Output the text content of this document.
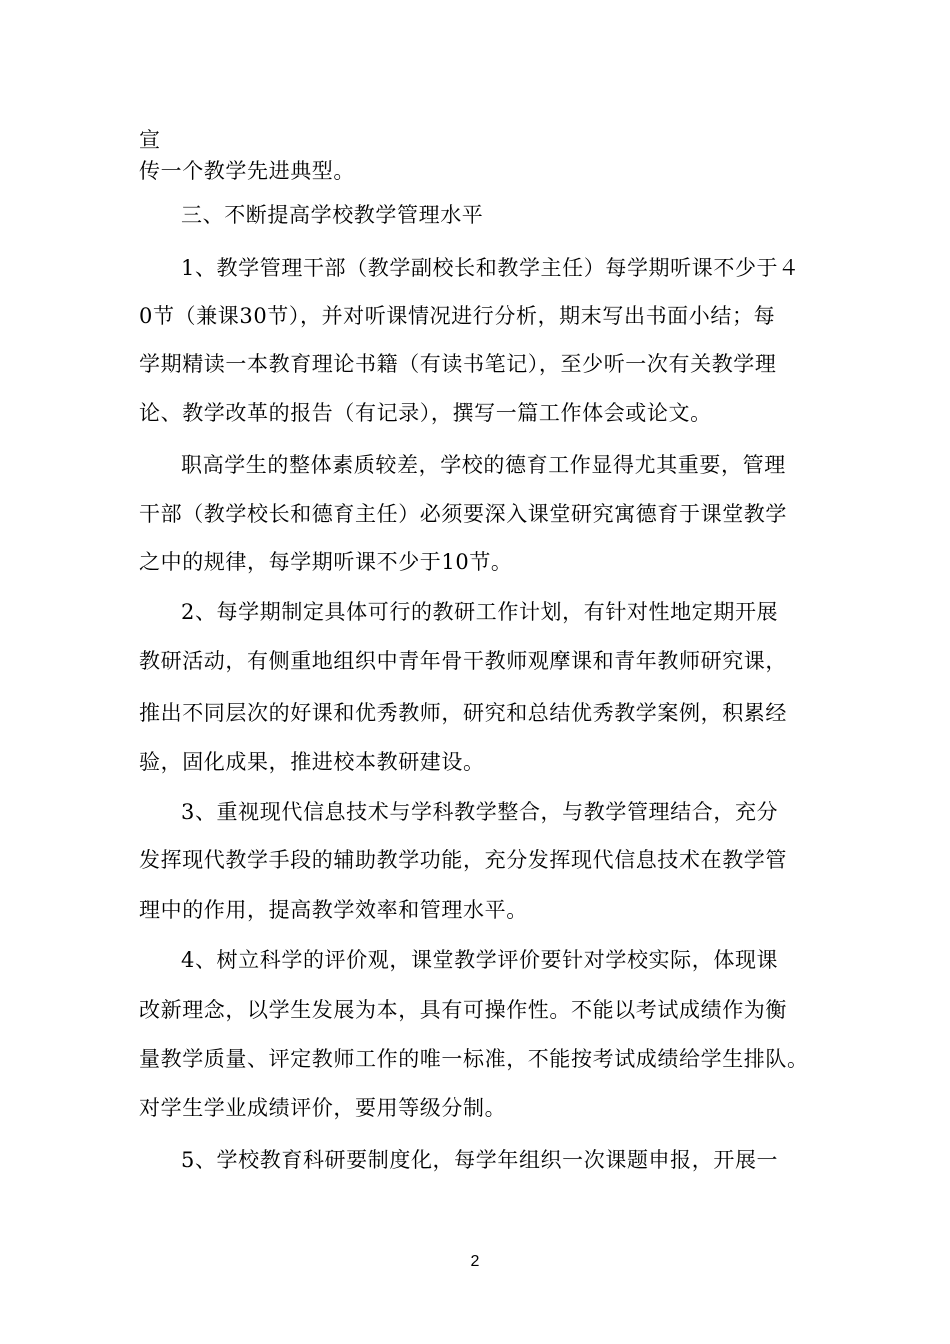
宣
传一个教学先进典型。
三、不断提高学校教学管理水平
1、教学管理干部（教学副校长和教学主任）每学期听课不少于４
0节（兼课30节），并对听课情况进行分析，期末写出书面小结；每
学期精读一本教育理论书籍（有读书笔记），至少听一次有关教学理
论、教学改革的报告（有记录），撰写一篇工作体会或论文。
职高学生的整体素质较差，学校的德育工作显得尤其重要，管理
干部（教学校长和德育主任）必须要深入课堂研究寓德育于课堂教学
之中的规律，每学期听课不少于10节。
2、每学期制定具体可行的教研工作计划，有针对性地定期开展
教研活动，有侧重地组织中青年骨干教师观摩课和青年教师研究课，
推出不同层次的好课和优秀教师，研究和总结优秀教学案例，积累经
验，固化成果，推进校本教研建设。
3、重视现代信息技术与学科教学整合，与教学管理结合，充分
发挥现代教学手段的辅助教学功能，充分发挥现代信息技术在教学管
理中的作用，提高教学效率和管理水平。
4、树立科学的评价观，课堂教学评价要针对学校实际，体现课
改新理念，以学生发展为本，具有可操作性。不能以考试成绩作为衡
量教学质量、评定教师工作的唯一标准，不能按考试成绩给学生排队。
对学生学业成绩评价，要用等级分制。
5、学校教育科研要制度化，每学年组织一次课题申报，开展一
2
